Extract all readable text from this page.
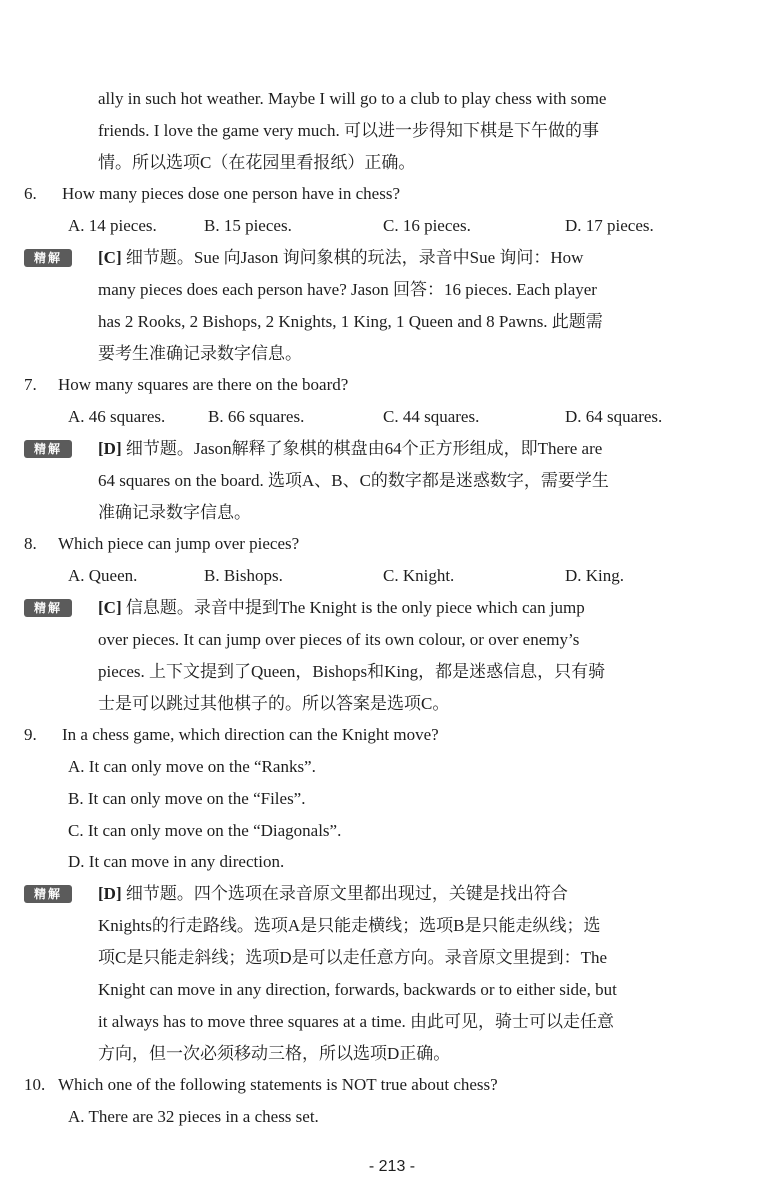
ally in such hot weather. Maybe I will go to a club to play chess with some
friends. I love the game very much. 可以进一步得知下棋是下午做的事
情。所以选项C（在花园里看报纸）正确。
6. How many pieces dose one person have in chess?
A. 14 pieces.	B. 15 pieces.	C. 16 pieces.	D. 17 pieces.
精解 [C] 细节题。Sue 向Jason 询问象棋的玩法，录音中Sue 询问：How
many pieces does each person have? Jason 回答：16 pieces. Each player
has 2 Rooks, 2 Bishops, 2 Knights, 1 King, 1 Queen and 8 Pawns. 此题需
要考生准确记录数字信息。
7. How many squares are there on the board?
A. 46 squares.	B. 66 squares.	C. 44 squares.	D. 64 squares.
精解 [D] 细节题。Jason解释了象棋的棋盘由64个正方形组成，即There are
64 squares on the board. 选项A、B、C的数字都是迷惑数字，需要学生
准确记录数字信息。
8. Which piece can jump over pieces?
A. Queen.	B. Bishops.	C. Knight.	D. King.
精解 [C] 信息题。录音中提到The Knight is the only piece which can jump
over pieces. It can jump over pieces of its own colour, or over enemy’s
pieces. 上下文提到了Queen，Bishops和King，都是迷惑信息，只有骑
士是可以跳过其他棋子的。所以答案是选项C。
9. In a chess game, which direction can the Knight move?
A. It can only move on the “Ranks”.
B. It can only move on the “Files”.
C. It can only move on the “Diagonals”.
D. It can move in any direction.
精解 [D] 细节题。四个选项在录音原文里都出现过，关键是找出符合
Knights的行走路线。选项A是只能走横线；选项B是只能走纵线；选
项C是只能走斜线；选项D是可以走任意方向。录音原文里提到：The
Knight can move in any direction, forwards, backwards or to either side, but
it always has to move three squares at a time. 由此可见，骑士可以走任意
方向，但一次必须移动三格，所以选项D正确。
10. Which one of the following statements is NOT true about chess?
A. There are 32 pieces in a chess set.
- 213 -
